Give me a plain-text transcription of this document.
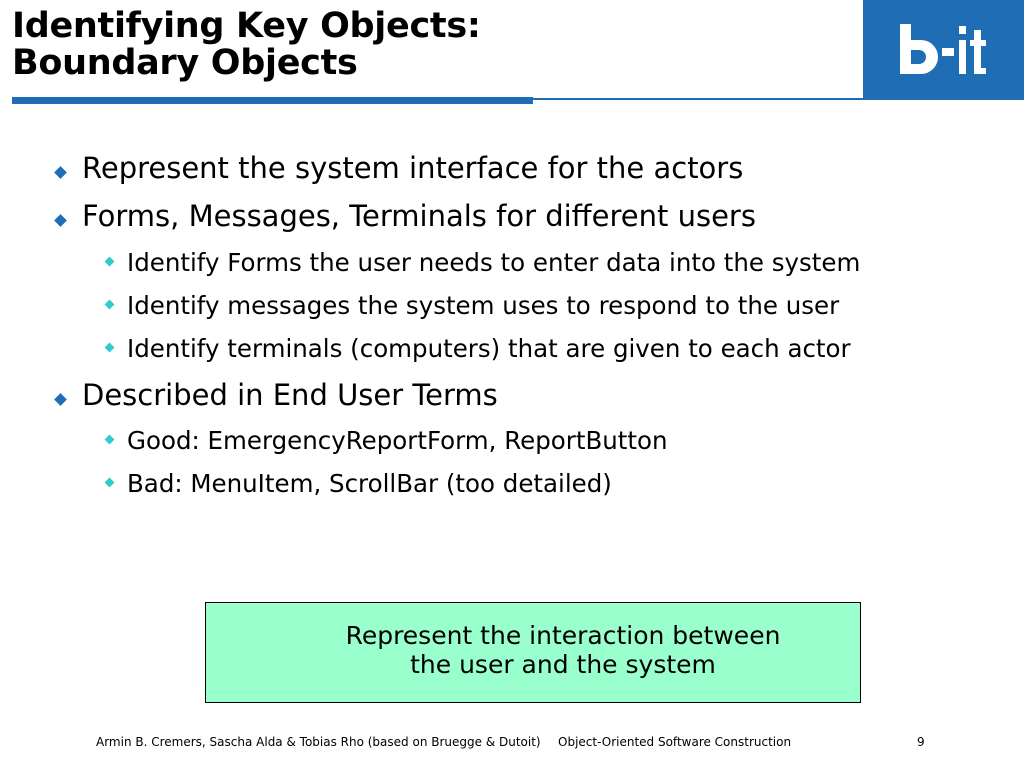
Identifying Key Objects:
Boundary Objects
Represent the system interface for the actors
Forms, Messages, Terminals for different users
Identify Forms the user needs to enter data into the system
Identify messages the system uses to respond to the user
Identify terminals (computers) that are given to each actor
Described in End User Terms
Good: EmergencyReportForm, ReportButton
Bad: MenuItem, ScrollBar (too detailed)
Represent the interaction between
the user and the system
Armin B. Cremers, Sascha Alda & Tobias Rho (based on Bruegge & Dutoit) Object-Oriented Software Construction	9
